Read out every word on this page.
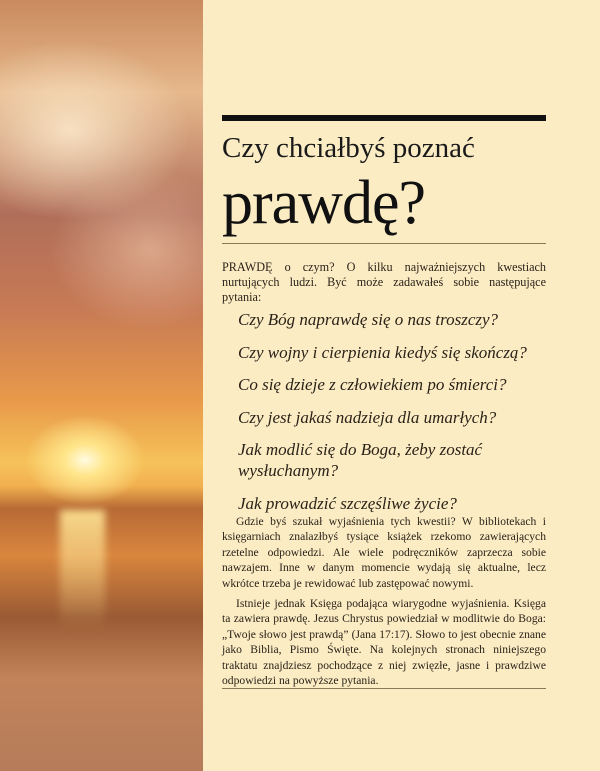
Czy chciałbyś poznać
prawdę?
PRAWDĘ o czym? O kilku najważniejszych kwestiach nurtujących ludzi. Być może zadawałeś sobie następujące pytania:
Czy Bóg naprawdę się o nas troszczy?
Czy wojny i cierpienia kiedyś się skończą?
Co się dzieje z człowiekiem po śmierci?
Czy jest jakaś nadzieja dla umarłych?
Jak modlić się do Boga, żeby zostać wysłuchanym?
Jak prowadzić szczęśliwe życie?

Gdzie byś szukał wyjaśnienia tych kwestii? W bibliotekach i księgarniach znalazłbyś tysiące książek rzekomo zawierających rzetelne odpowiedzi. Ale wiele podręczników zaprzecza sobie nawzajem. Inne w danym momencie wydają się aktualne, lecz wkrótce trzeba je rewidować lub zastępować nowymi.

Istnieje jednak Księga podająca wiarygodne wyjaśnienia. Księga ta zawiera prawdę. Jezus Chrystus powiedział w modlitwie do Boga: „Twoje słowo jest prawdą” (Jana 17:17). Słowo to jest obecnie znane jako Biblia, Pismo Święte. Na kolejnych stronach niniejszego traktatu znajdziesz pochodzące z niej zwięzłe, jasne i prawdziwe odpowiedzi na powyższe pytania.
